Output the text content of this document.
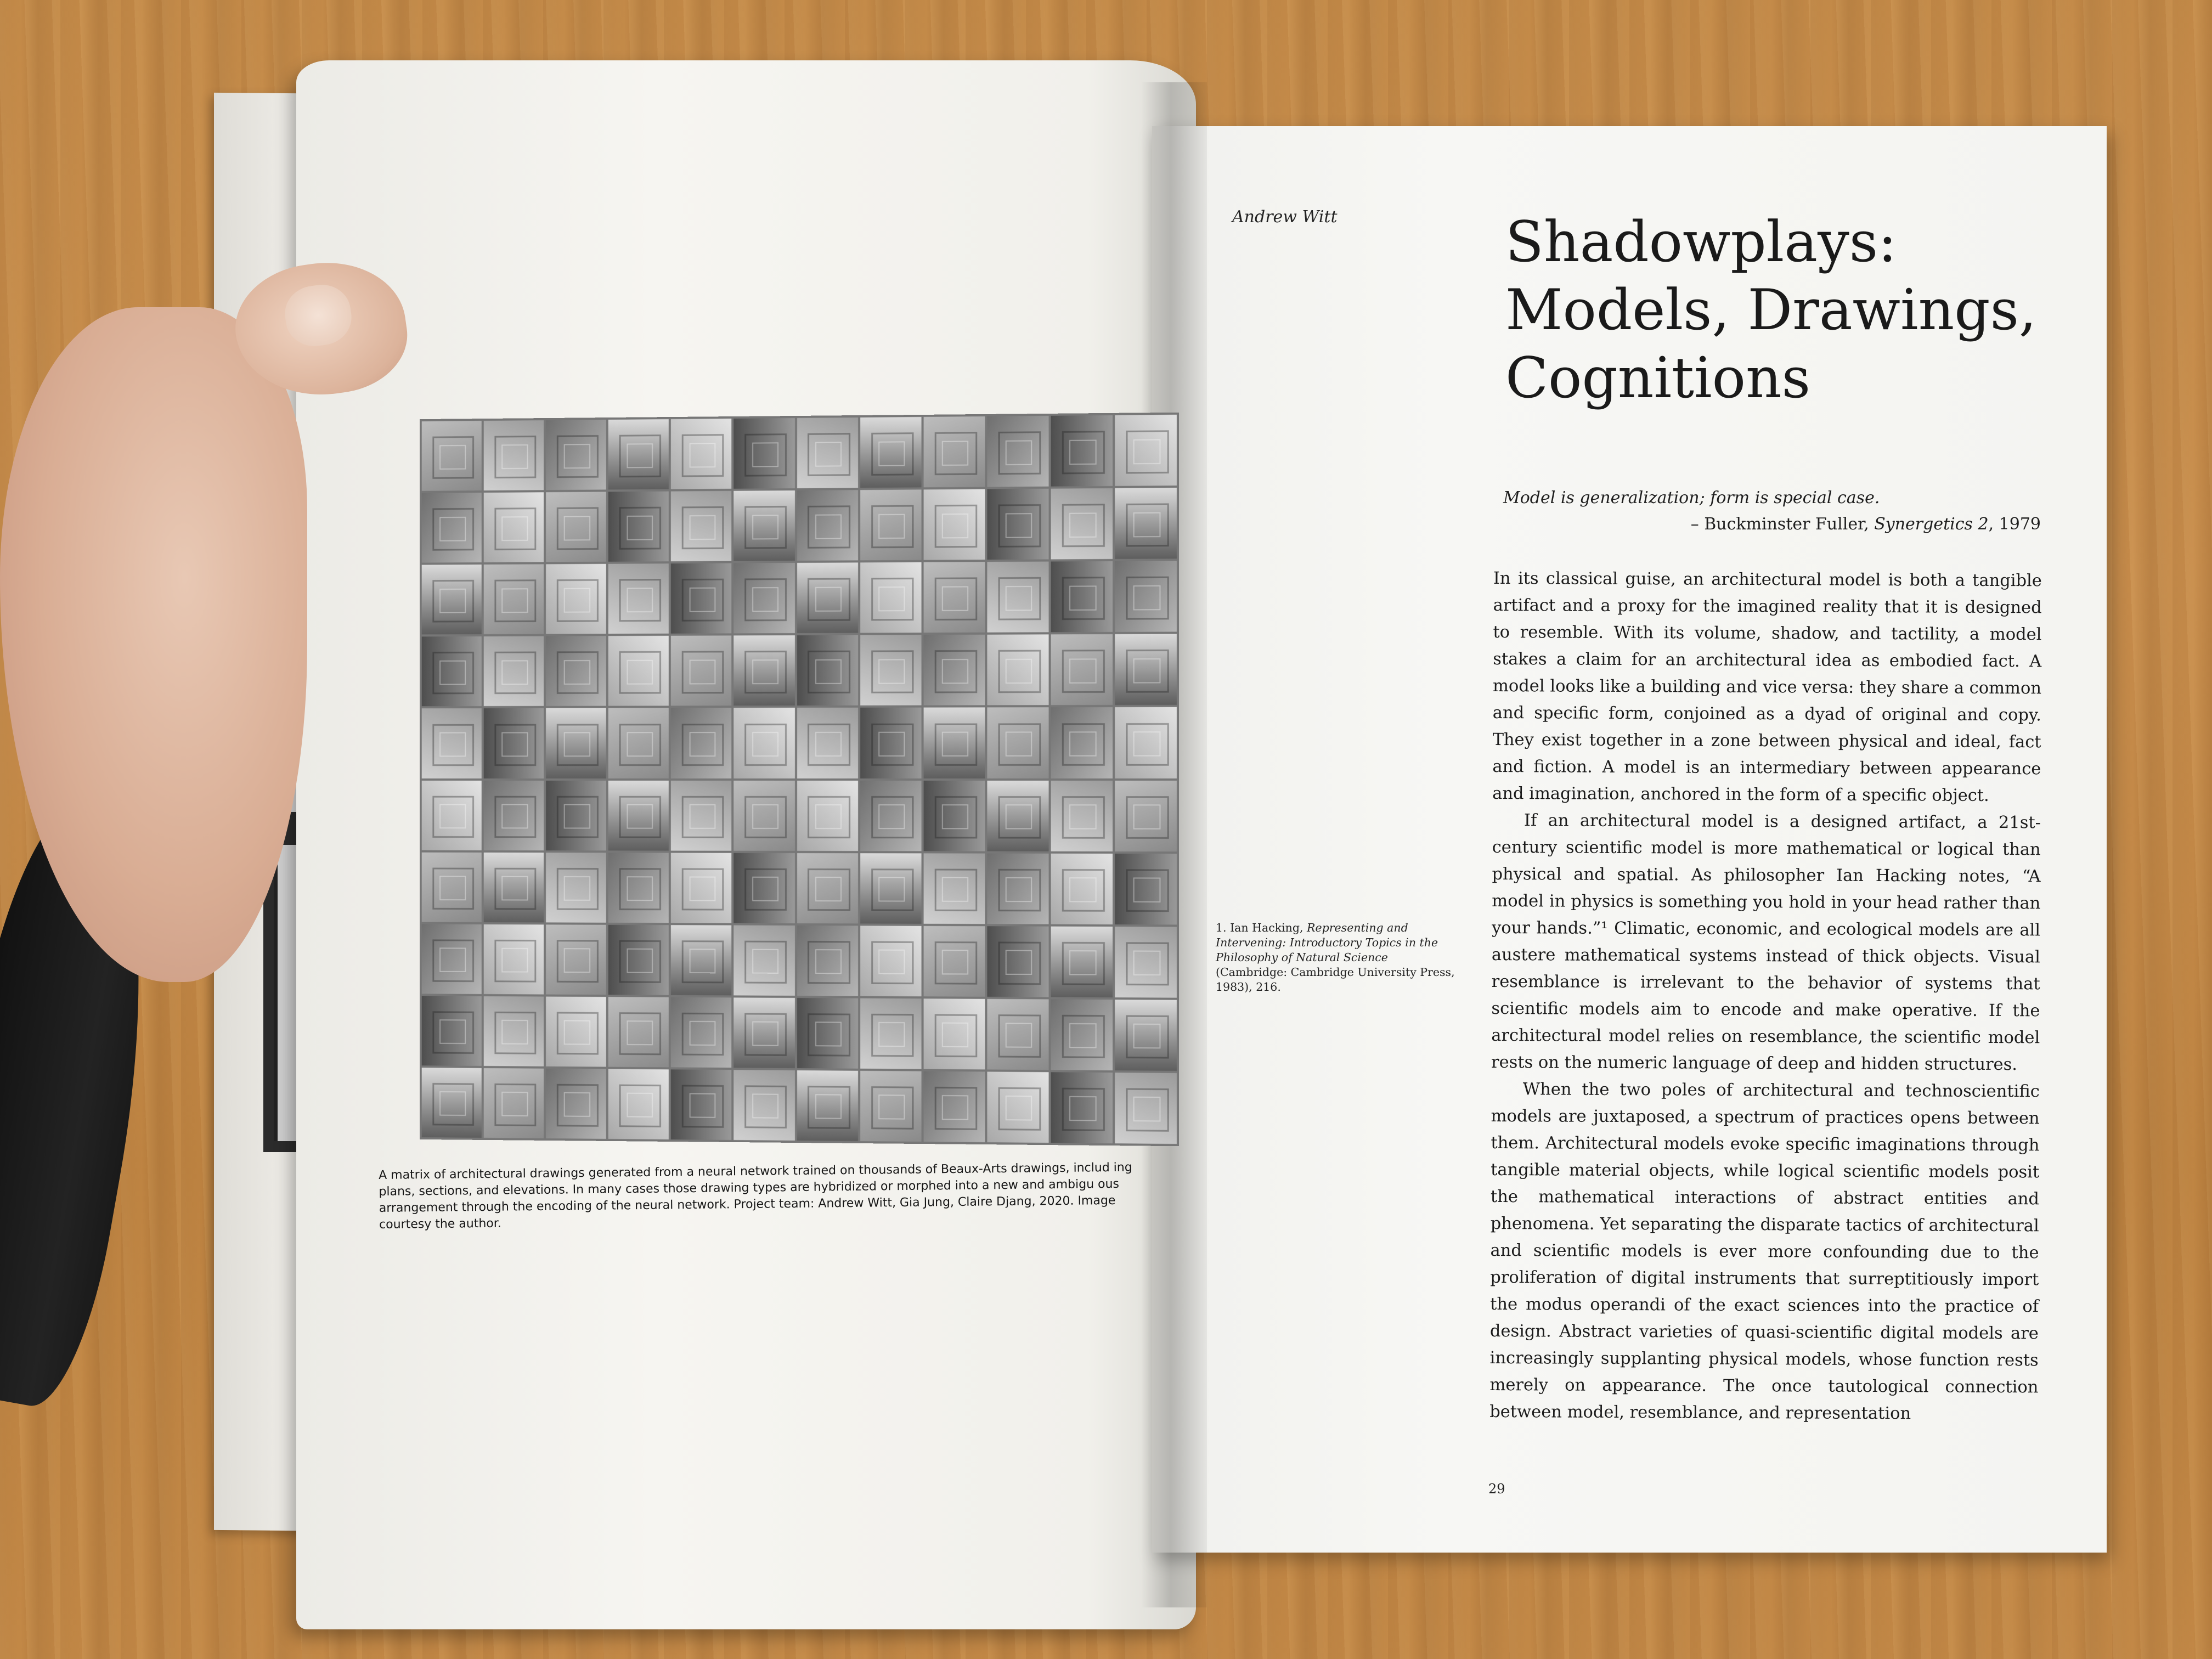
A matrix of architectural drawings generated from a neural network trained on thousands of Beaux-Arts drawings, includ ing plans, sections, and elevations. In many cases those drawing types are hybridized or morphed into a new and ambigu ous arrangement through the encoding of the neural network. Project team: Andrew Witt, Gia Jung, Claire Djang, 2020. Image courtesy the author.
Andrew Witt	Shadowplays:
Models, Drawings,
Cognitions
Model is generalization; form is special case.
– Buckminster Fuller, Synergetics 2, 1979

In its classical guise, an architectural model is both a tangible artifact and a proxy for the imagined reality that it is designed to resemble. With its volume, shadow, and tactility, a model stakes a claim for an architectural idea as embodied fact. A model looks like a building and vice versa: they share a common and specific form, conjoined as a dyad of original and copy. They exist together in a zone between physical and ideal, fact and fiction. A model is an intermediary between appearance and imagination, anchored in the form of a specific object.

If an architectural model is a designed artifact, a 21st-century scientific model is more mathematical or logical than physical and spatial. As philosopher Ian Hacking notes, “A model in physics is something you hold in your head rather than your hands.”¹ Climatic, economic, and ecological models are all austere mathematical systems instead of thick objects. Visual resemblance is irrelevant to the behavior of systems that scientific models aim to encode and make operative. If the architectural model relies on resemblance, the scientific model rests on the numeric language of deep and hidden structures.

When the two poles of architectural and technoscientific models are juxtaposed, a spectrum of practices opens between them. Architectural models evoke specific imaginations through tangible material objects, while logical scientific models posit the mathematical interactions of abstract entities and phenomena. Yet separating the disparate tactics of architectural and scientific models is ever more confounding due to the proliferation of digital instruments that surreptitiously import the modus operandi of the exact sciences into the practice of design. Abstract varieties of quasi-scientific digital models are increasingly supplanting physical models, whose function rests merely on appearance. The once tautological connection between model, resemblance, and representation

1. Ian Hacking, Representing and Intervening: Introductory Topics in the Philosophy of Natural Science (Cambridge: Cambridge University Press, 1983), 216.
29
